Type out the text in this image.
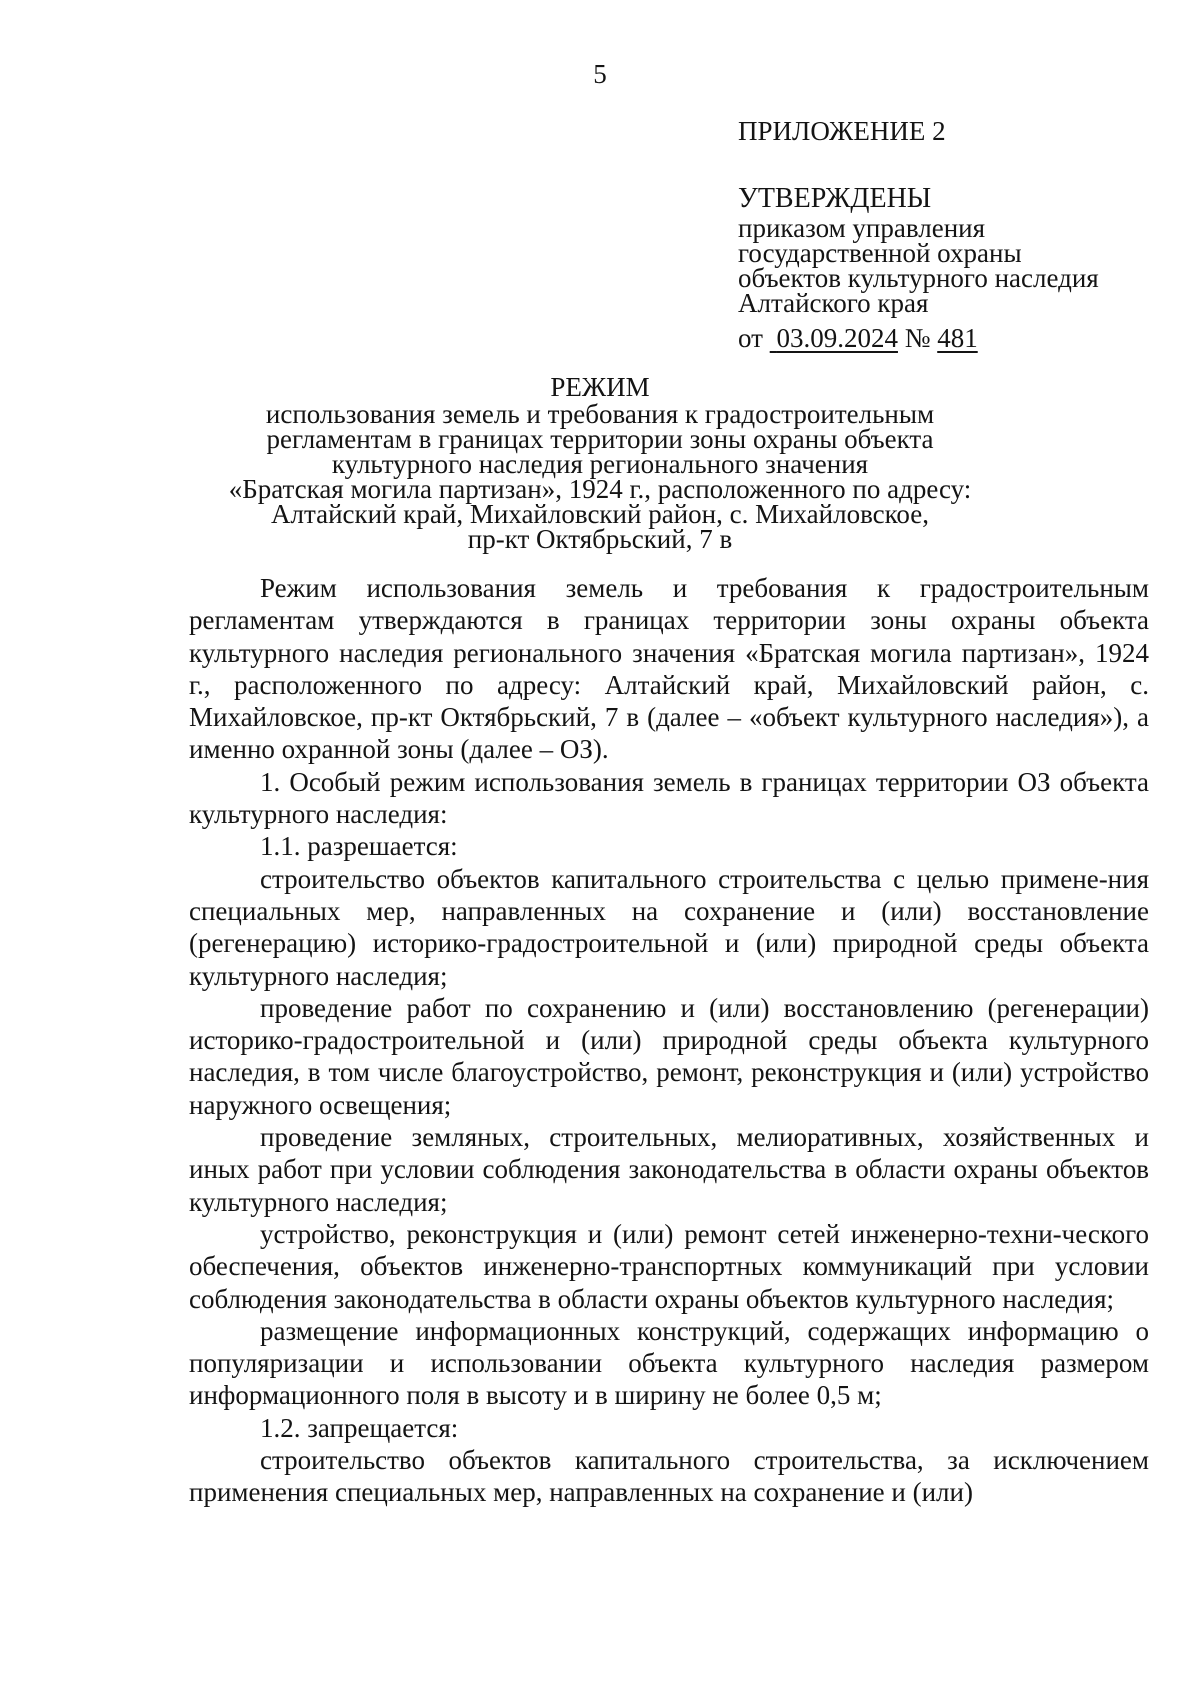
5
ПРИЛОЖЕНИЕ 2
УТВЕРЖДЕНЫ
приказом управления
государственной охраны
объектов культурного наследия
Алтайского края
от 03.09.2024 № 481
РЕЖИМ
использования земель и требования к градостроительным
регламентам в границах территории зоны охраны объекта
культурного наследия регионального значения
«Братская могила партизан», 1924 г., расположенного по адресу:
Алтайский край, Михайловский район, с. Михайловское,
пр-кт Октябрьский, 7 в

Режим использования земель и требования к градостроительным регламентам утверждаются в границах территории зоны охраны объекта культурного наследия регионального значения «Братская могила партизан», 1924 г., расположенного по адресу: Алтайский край, Михайловский район, с. Михайловское, пр-кт Октябрьский, 7 в (далее – «объект культурного наследия»), а именно охранной зоны (далее – ОЗ).

1. Особый режим использования земель в границах территории ОЗ объекта культурного наследия:

1.1. разрешается:

строительство объектов капитального строительства с целью примене-ния специальных мер, направленных на сохранение и (или) восстановление (регенерацию) историко-градостроительной и (или) природной среды объекта культурного наследия;

проведение работ по сохранению и (или) восстановлению (регенерации) историко-градостроительной и (или) природной среды объекта культурного наследия, в том числе благоустройство, ремонт, реконструкция и (или) устройство наружного освещения;

проведение земляных, строительных, мелиоративных, хозяйственных и иных работ при условии соблюдения законодательства в области охраны объектов культурного наследия;

устройство, реконструкция и (или) ремонт сетей инженерно-техни-ческого обеспечения, объектов инженерно-транспортных коммуникаций при условии соблюдения законодательства в области охраны объектов культурного наследия;

размещение информационных конструкций, содержащих информацию о популяризации и использовании объекта культурного наследия размером информационного поля в высоту и в ширину не более 0,5 м;

1.2. запрещается:

строительство объектов капитального строительства, за исключением применения специальных мер, направленных на сохранение и (или)
